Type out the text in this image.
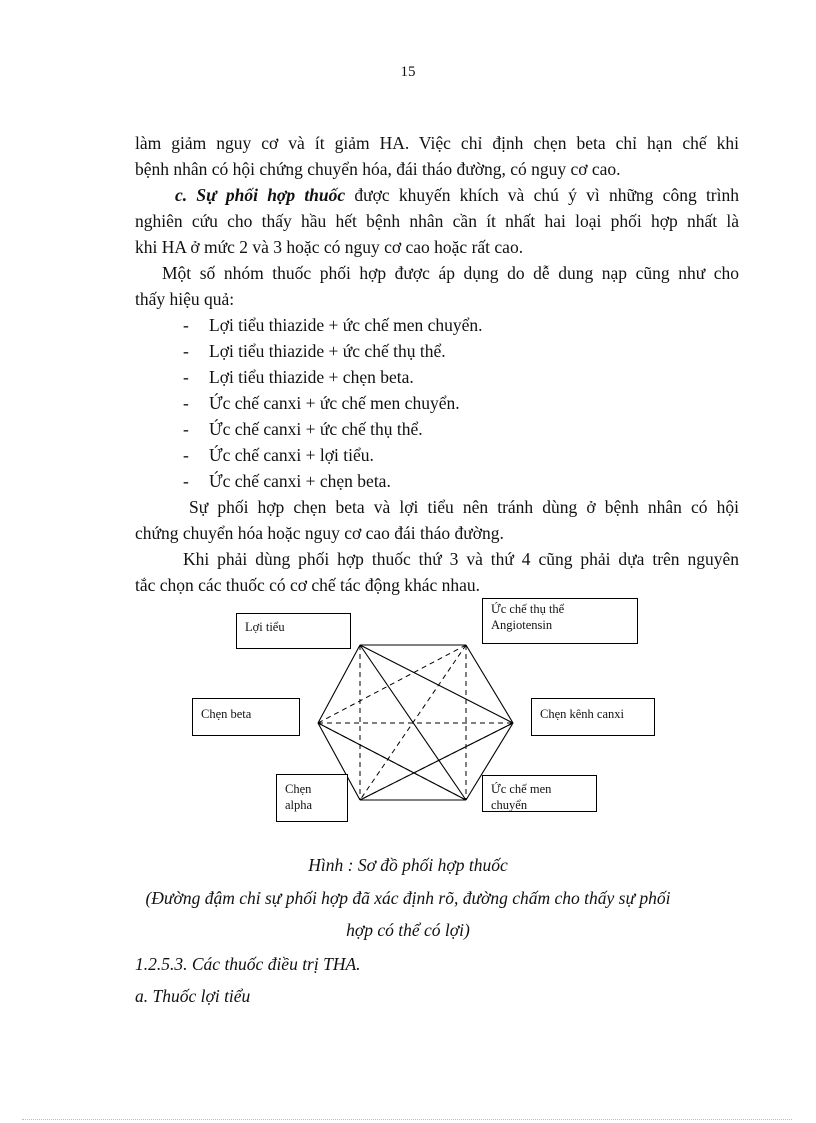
15

làm giảm nguy cơ và ít giảm HA. Việc chỉ định chẹn beta chỉ hạn chế khi

bệnh nhân có hội chứng chuyển hóa, đái tháo đường, có nguy cơ cao.

c. Sự phối hợp thuốc được khuyến khích và chú ý vì những công trình

nghiên cứu cho thấy hầu hết bệnh nhân cần ít nhất hai loại phối hợp nhất là

khi HA ở mức 2 và 3 hoặc có nguy cơ cao hoặc rất cao.

Một số nhóm thuốc phối hợp được áp dụng do dễ dung nạp cũng như cho

thấy hiệu quả:

- Lợi tiểu thiazide + ức chế men chuyển.
- Lợi tiểu thiazide + ức chế thụ thể.
- Lợi tiểu thiazide + chẹn beta.
- Ức chế canxi + ức chế men chuyển.
- Ức chế canxi + ức chế thụ thể.
- Ức chế canxi + lợi tiểu.
- Ức chế canxi + chẹn beta.

Sự phối hợp chẹn beta và lợi tiểu nên tránh dùng ở bệnh nhân có hội

chứng chuyển hóa hoặc nguy cơ cao đái tháo đường.

Khi phải dùng phối hợp thuốc thứ 3 và thứ 4 cũng phải dựa trên nguyên

tắc chọn các thuốc có cơ chế tác động khác nhau.

Lợi tiểu
Ức chế thụ thể
Angiotensin
Chẹn beta	Chẹn kênh canxi
Chẹn
alpha
Ức chế men
chuyển
Hình : Sơ đồ phối hợp thuốc
(Đường đậm chỉ sự phối hợp đã xác định rõ, đường chấm cho thấy sự phối
hợp có thể có lợi)
1.2.5.3. Các thuốc điều trị THA.
a. Thuốc lợi tiểu
